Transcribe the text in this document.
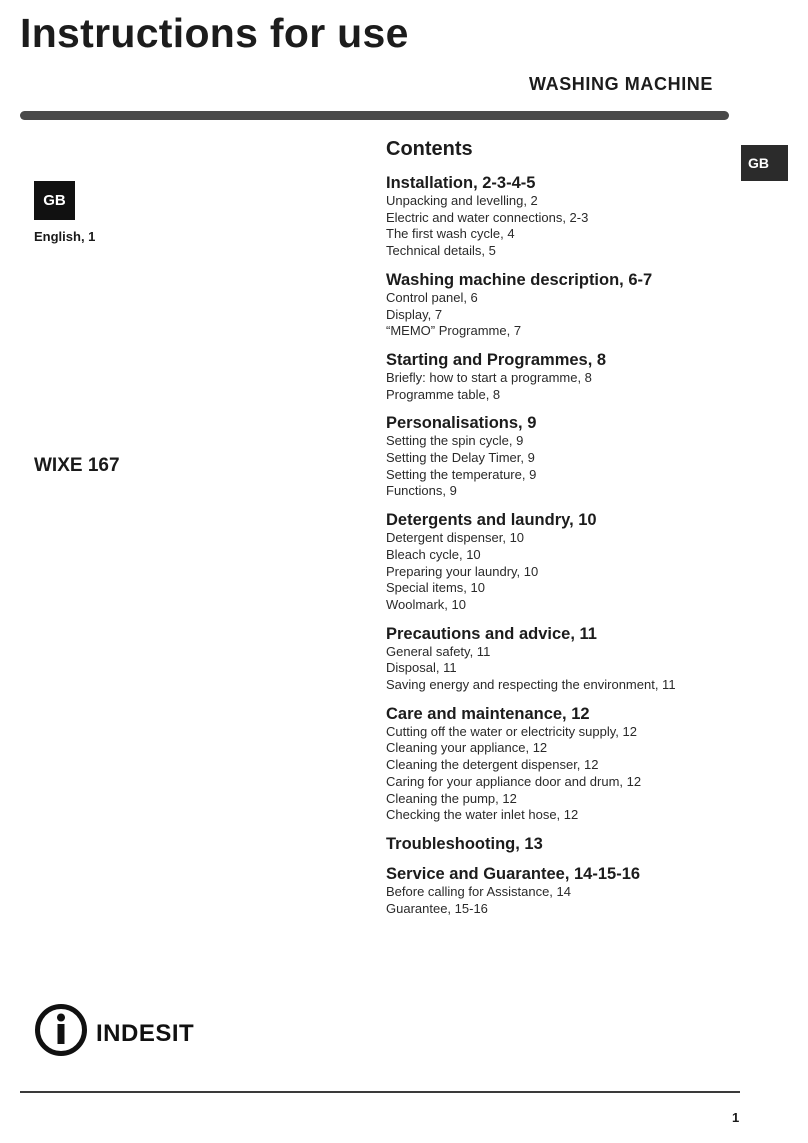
Instructions for use
WASHING MACHINE
GB
GB
English, 1
WIXE 167
Contents

Installation, 2-3-4-5

Unpacking and levelling, 2

Electric and water connections, 2-3

The first wash cycle, 4

Technical details, 5

Washing machine description, 6-7

Control panel, 6

Display, 7

“MEMO” Programme, 7

Starting and Programmes, 8

Briefly: how to start a programme, 8

Programme table, 8

Personalisations, 9

Setting the spin cycle, 9

Setting the Delay Timer, 9

Setting the temperature, 9

Functions, 9

Detergents and laundry, 10

Detergent dispenser, 10

Bleach cycle, 10

Preparing your laundry, 10

Special items, 10

Woolmark, 10

Precautions and advice, 11

General safety, 11

Disposal, 11

Saving energy and respecting the environment, 11

Care and maintenance, 12

Cutting off the water or electricity supply, 12

Cleaning your appliance, 12

Cleaning the detergent dispenser, 12

Caring for your appliance door and drum, 12

Cleaning the pump, 12

Checking the water inlet hose, 12

Troubleshooting, 13

Service and Guarantee, 14-15-16

Before calling for Assistance, 14

Guarantee, 15-16

indesit
1
